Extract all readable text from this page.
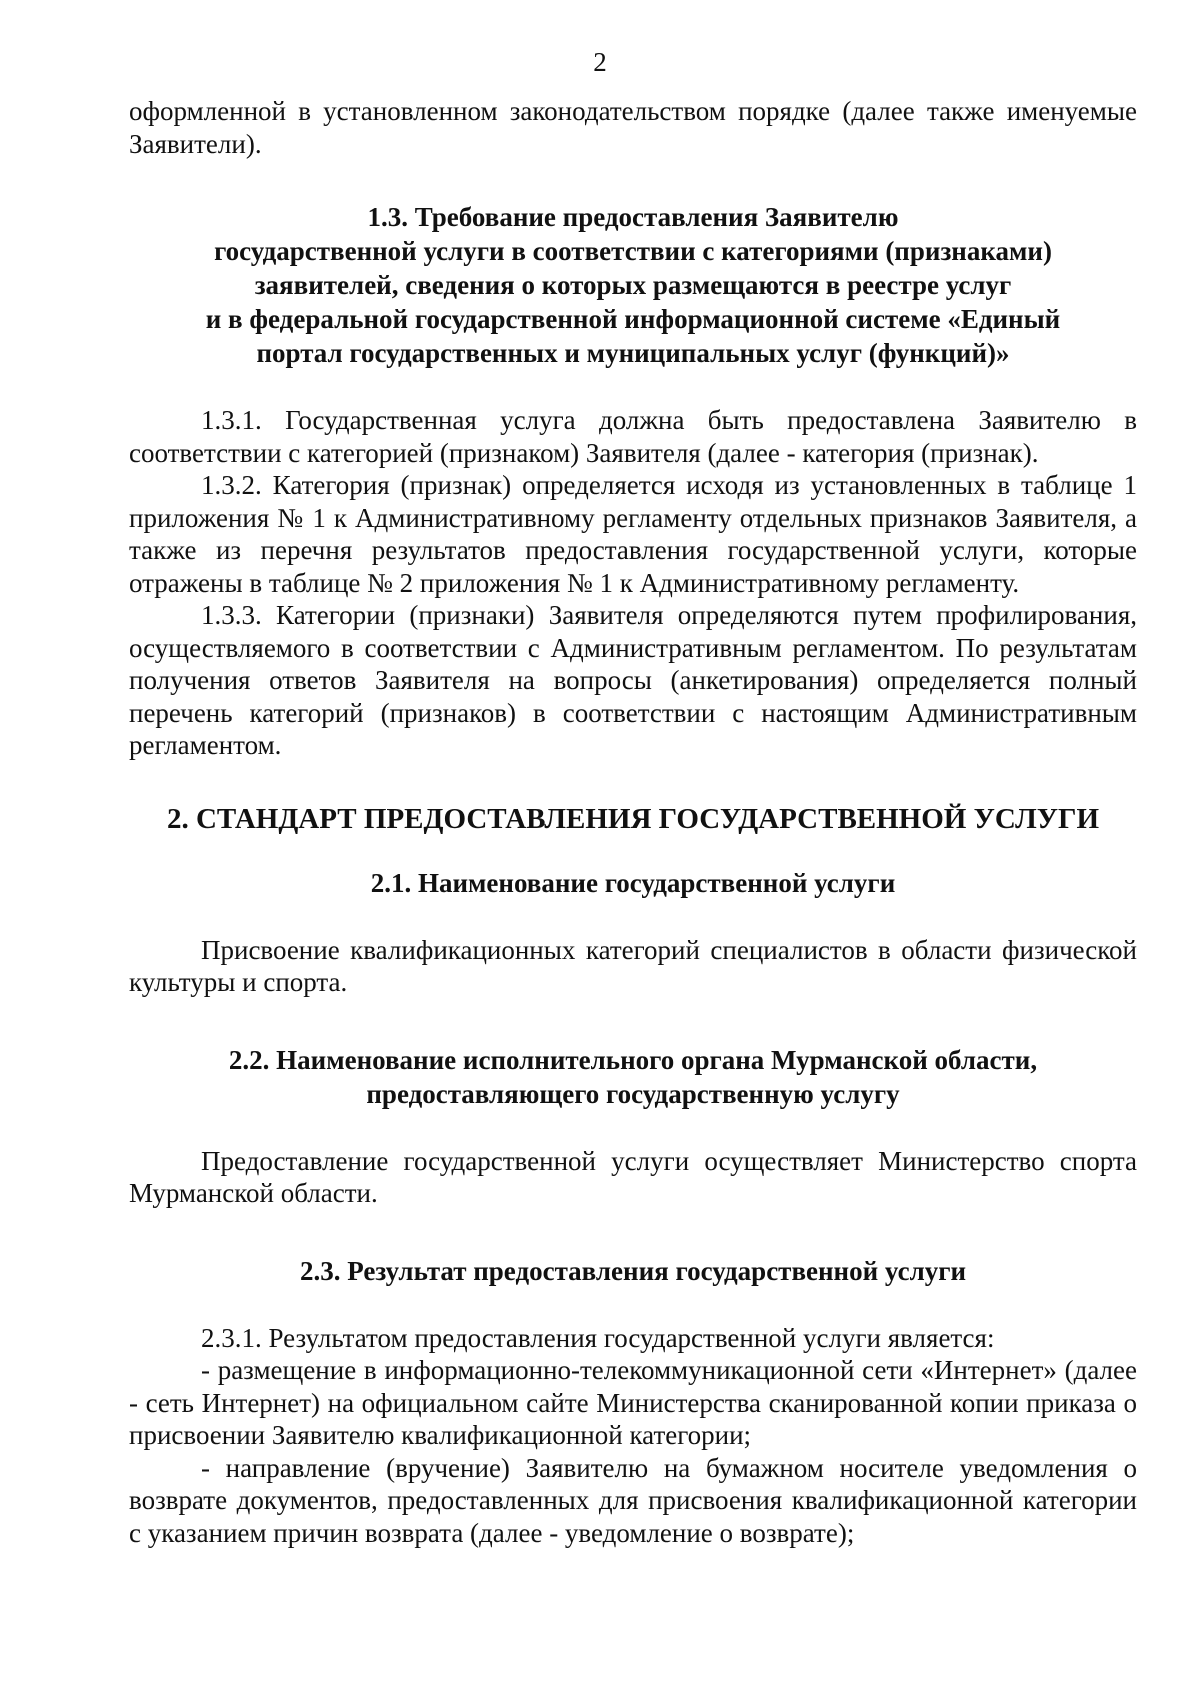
2

оформленной в установленном законодательством порядке (далее также именуемые Заявители).

1.3. Требование предоставления Заявителю
государственной услуги в соответствии с категориями (признаками)
заявителей, сведения о которых размещаются в реестре услуг
и в федеральной государственной информационной системе «Единый
портал государственных и муниципальных услуг (функций)»

1.3.1. Государственная услуга должна быть предоставлена Заявителю в соответствии с категорией (признаком) Заявителя (далее - категория (признак).

1.3.2. Категория (признак) определяется исходя из установленных в таблице 1 приложения № 1 к Административному регламенту отдельных признаков Заявителя, а также из перечня результатов предоставления государственной услуги, которые отражены в таблице № 2 приложения № 1 к Административному регламенту.

1.3.3. Категории (признаки) Заявителя определяются путем профилирования, осуществляемого в соответствии с Административным регламентом. По результатам получения ответов Заявителя на вопросы (анкетирования) определяется полный перечень категорий (признаков) в соответствии с настоящим Административным регламентом.

2. СТАНДАРТ ПРЕДОСТАВЛЕНИЯ ГОСУДАРСТВЕННОЙ УСЛУГИ

2.1. Наименование государственной услуги

Присвоение квалификационных категорий специалистов в области физической культуры и спорта.

2.2. Наименование исполнительного органа Мурманской области,
предоставляющего государственную услугу

Предоставление государственной услуги осуществляет Министерство спорта Мурманской области.

2.3. Результат предоставления государственной услуги

2.3.1. Результатом предоставления государственной услуги является:

- размещение в информационно-телекоммуникационной сети «Интернет» (далее - сеть Интернет) на официальном сайте Министерства сканированной копии приказа о присвоении Заявителю квалификационной категории;

- направление (вручение) Заявителю на бумажном носителе уведомления о возврате документов, предоставленных для присвоения квалификационной категории с указанием причин возврата (далее - уведомление о возврате);
